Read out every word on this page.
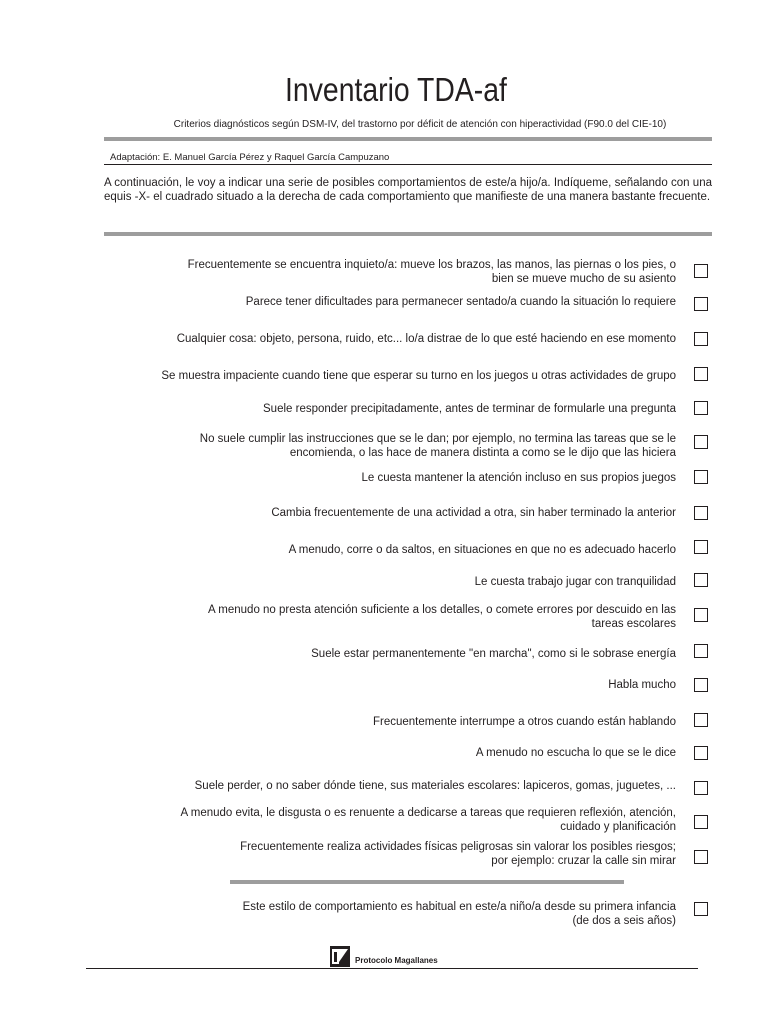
Inventario TDA-af
Criterios diagnósticos según DSM-IV, del trastorno por déficit de atención con hiperactividad (F90.0 del CIE-10)
Adaptación: E. Manuel García Pérez y Raquel García Campuzano
A continuación, le voy a indicar una serie de posibles comportamientos de este/a hijo/a. Indíqueme, señalando con una equis -X- el cuadrado situado a la derecha de cada comportamiento que manifieste de una manera bastante frecuente.
Frecuentemente se encuentra inquieto/a: mueve los brazos, las manos, las piernas o los pies, o
bien se mueve mucho de su asiento
Parece tener dificultades para permanecer sentado/a cuando la situación lo requiere
Cualquier cosa: objeto, persona, ruido, etc... lo/a distrae de lo que esté haciendo en ese momento
Se muestra impaciente cuando tiene que esperar su turno en los juegos u otras actividades de grupo
Suele responder precipitadamente, antes de terminar de formularle una pregunta
No suele cumplir las instrucciones que se le dan; por ejemplo, no termina las tareas que se le
encomienda, o las hace de manera distinta a como se le dijo que las hiciera
Le cuesta mantener la atención incluso en sus propios juegos
Cambia frecuentemente de una actividad a otra, sin haber terminado la anterior
A menudo, corre o da saltos, en situaciones en que no es adecuado hacerlo
Le cuesta trabajo jugar con tranquilidad
A menudo no presta atención suficiente a los detalles, o comete errores por descuido en las
tareas escolares
Suele estar permanentemente "en marcha", como si le sobrase energía
Habla mucho
Frecuentemente interrumpe a otros cuando están hablando
A menudo no escucha lo que se le dice
Suele perder, o no saber dónde tiene, sus materiales escolares: lapiceros, gomas, juguetes, ...
A menudo evita, le disgusta o es renuente a dedicarse a tareas que requieren reflexión, atención,
cuidado y planificación
Frecuentemente realiza actividades físicas peligrosas sin valorar los posibles riesgos;
por ejemplo: cruzar la calle sin mirar
Este estilo de comportamiento es habitual en este/a niño/a desde su primera infancia
(de dos a seis años)
Protocolo Magallanes
